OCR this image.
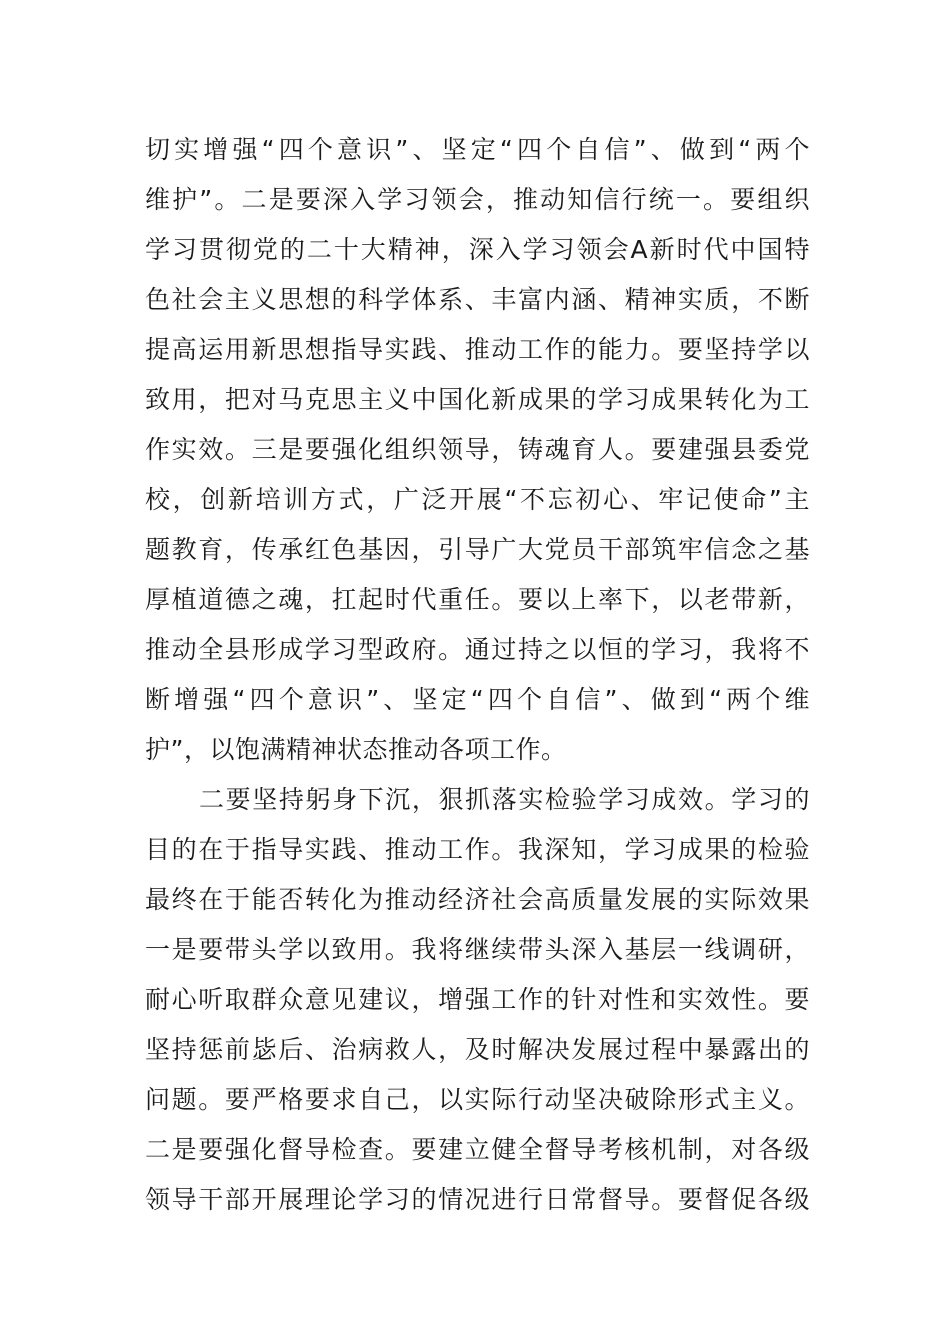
切实增强“四个意识”、坚定“四个自信”、做到“两个
维护”。二是要深入学习领会，推动知信行统一。要组织
学习贯彻党的二十大精神，深入学习领会A新时代中国特
色社会主义思想的科学体系、丰富内涵、精神实质，不断
提高运用新思想指导实践、推动工作的能力。要坚持学以
致用，把对马克思主义中国化新成果的学习成果转化为工
作实效。三是要强化组织领导，铸魂育人。要建强县委党
校，创新培训方式，广泛开展“不忘初心、牢记使命”主
题教育，传承红色基因，引导广大党员干部筑牢信念之基
厚植道德之魂，扛起时代重任。要以上率下，以老带新，
推动全县形成学习型政府。通过持之以恒的学习，我将不
断增强“四个意识”、坚定“四个自信”、做到“两个维
护”，以饱满精神状态推动各项工作。
二要坚持躬身下沉，狠抓落实检验学习成效。学习的
目的在于指导实践、推动工作。我深知，学习成果的检验
最终在于能否转化为推动经济社会高质量发展的实际效果
一是要带头学以致用。我将继续带头深入基层一线调研，
耐心听取群众意见建议，增强工作的针对性和实效性。要
坚持惩前毖后、治病救人，及时解决发展过程中暴露出的
问题。要严格要求自己，以实际行动坚决破除形式主义。
二是要强化督导检查。要建立健全督导考核机制，对各级
领导干部开展理论学习的情况进行日常督导。要督促各级
